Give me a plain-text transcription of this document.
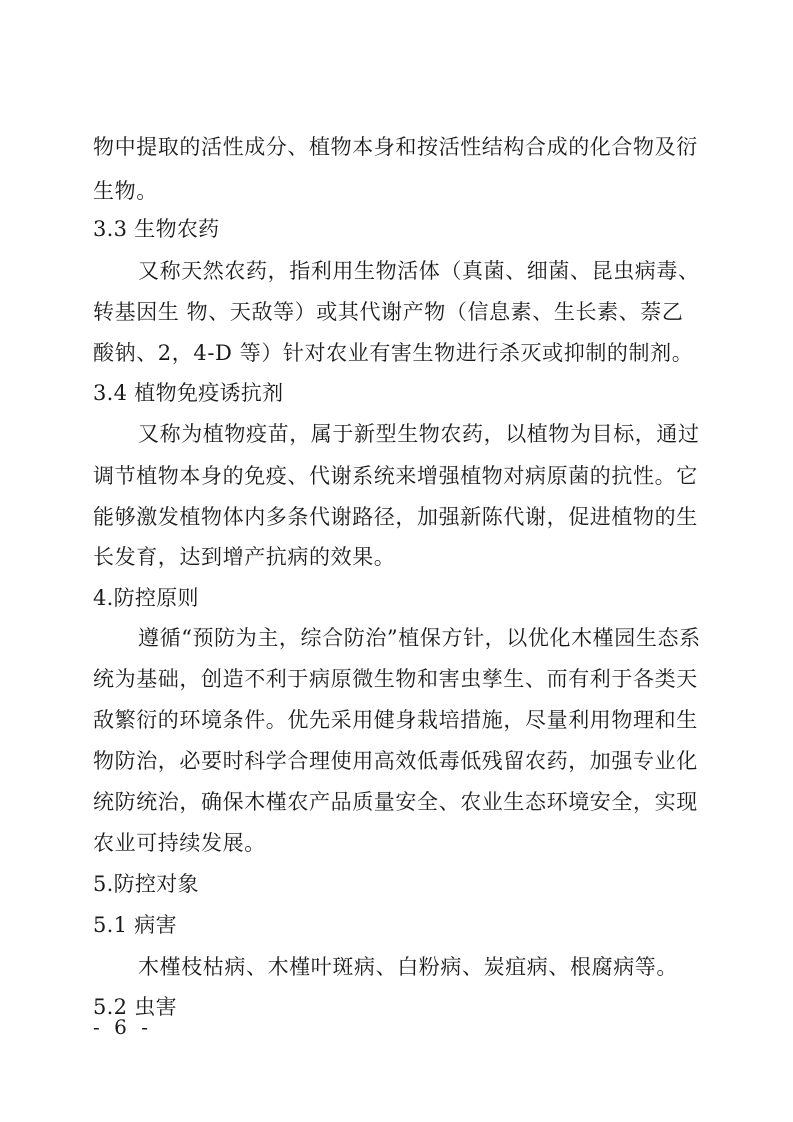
物中提取的活性成分、植物本身和按活性结构合成的化合物及衍
生物。
3.3 生物农药
又称天然农药，指利用生物活体（真菌、细菌、昆虫病毒、
转基因生 物、天敌等）或其代谢产物（信息素、生长素、萘乙
酸钠、2，4-D 等）针对农业有害生物进行杀灭或抑制的制剂。
3.4 植物免疫诱抗剂
又称为植物疫苗，属于新型生物农药，以植物为目标，通过
调节植物本身的免疫、代谢系统来增强植物对病原菌的抗性。它
能够激发植物体内多条代谢路径，加强新陈代谢，促进植物的生
长发育，达到增产抗病的效果。
4.防控原则
遵循“预防为主，综合防治”植保方针，以优化木槿园生态系
统为基础，创造不利于病原微生物和害虫孳生、而有利于各类天
敌繁衍的环境条件。优先采用健身栽培措施，尽量利用物理和生
物防治，必要时科学合理使用高效低毒低残留农药，加强专业化
统防统治，确保木槿农产品质量安全、农业生态环境安全，实现
农业可持续发展。
5.防控对象
5.1 病害
木槿枝枯病、木槿叶斑病、白粉病、炭疽病、根腐病等。
5.2 虫害
- 6 -
